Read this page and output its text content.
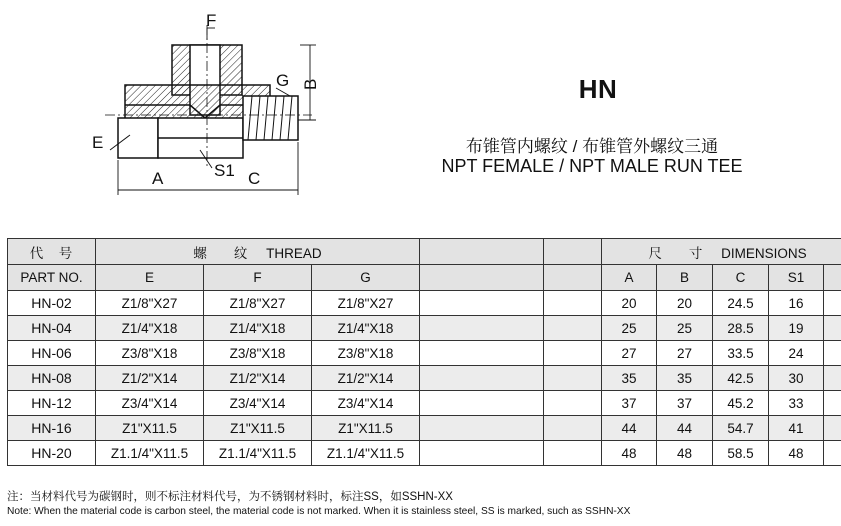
F
B
G
E
A	S1 C
HN
布锥管内螺纹 / 布锥管外螺纹三通
NPT FEMALE / NPT MALE RUN TEE
代　号	螺　　纹 THREAD					尺　　寸 DIMENSIONS				
PART NO.	E	F	G			A	B	C	S1	
HN-02	Z1/8"X27	Z1/8"X27	Z1/8"X27			20	20	24.5	16	
HN-04	Z1/4"X18	Z1/4"X18	Z1/4"X18			25	25	28.5	19	
HN-06	Z3/8"X18	Z3/8"X18	Z3/8"X18			27	27	33.5	24	
HN-08	Z1/2"X14	Z1/2"X14	Z1/2"X14			35	35	42.5	30	
HN-12	Z3/4"X14	Z3/4"X14	Z3/4"X14			37	37	45.2	33	
HN-16	Z1"X11.5	Z1"X11.5	Z1"X11.5			44	44	54.7	41	
HN-20	Z1.1/4"X11.5	Z1.1/4"X11.5	Z1.1/4"X11.5			48	48	58.5	48	
注：当材料代号为碳钢时，则不标注材料代号，为不锈钢材料时，标注SS，如SSHN-XX
Note: When the material code is carbon steel, the material code is not marked. When it is stainless steel, SS is marked, such as SSHN-XX
